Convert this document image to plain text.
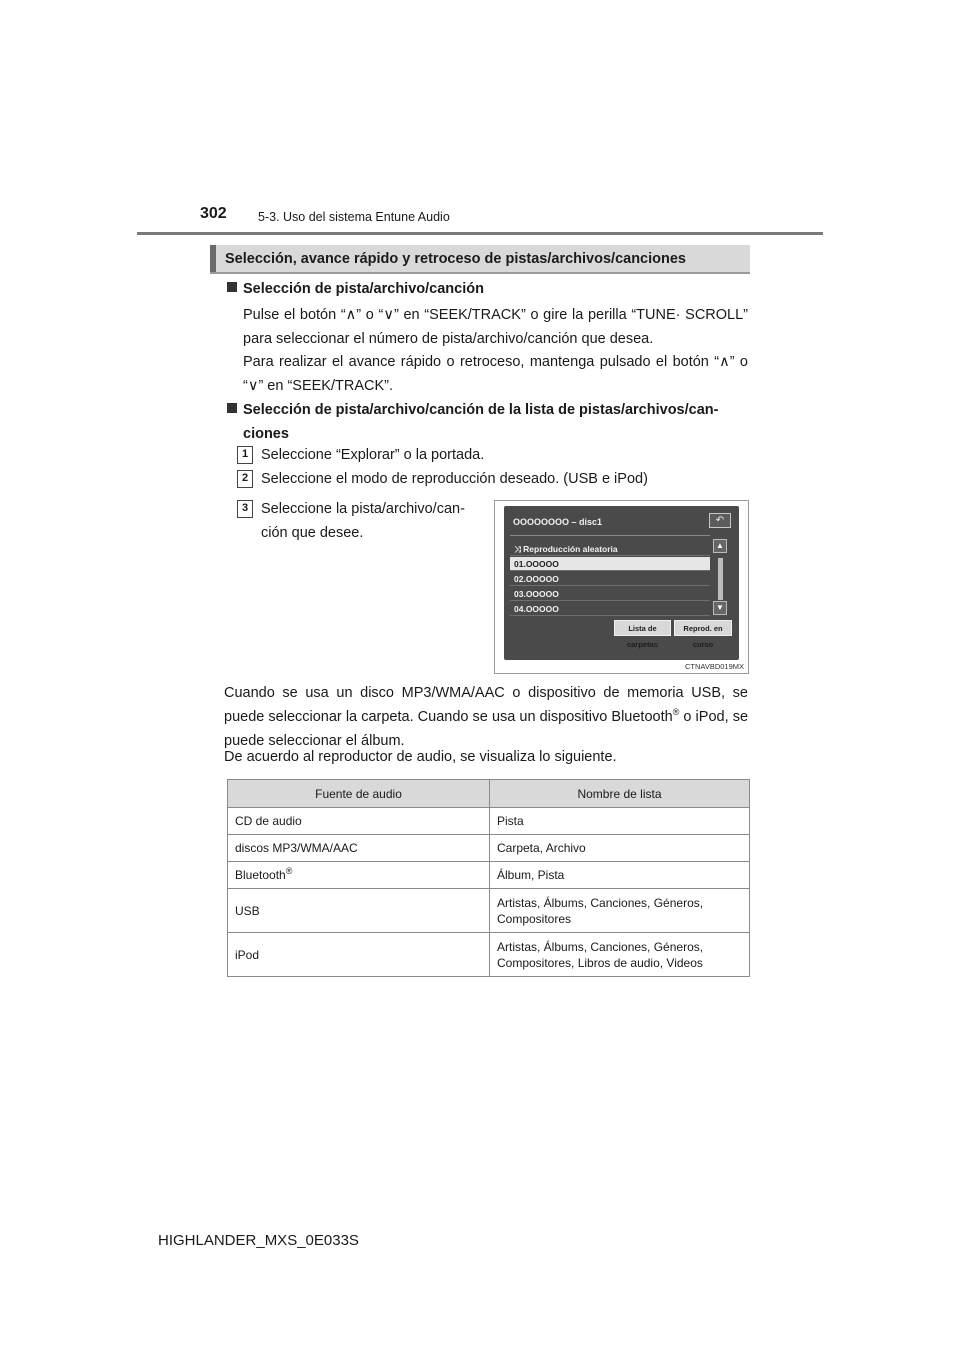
302	5-3. Uso del sistema Entune Audio
Selección, avance rápido y retroceso de pistas/archivos/canciones
Selección de pista/archivo/canción

Pulse el botón “∧” o “∨” en “SEEK/TRACK” o gire la perilla “TUNE· SCROLL” para seleccionar el número de pista/archivo/canción que desea.

Para realizar el avance rápido o retroceso, mantenga pulsado el botón “∧” o “∨” en “SEEK/TRACK”.

Selección de pista/archivo/canción de la lista de pistas/archivos/can-
ciones
1 Seleccione “Explorar” o la portada.
2 Seleccione el modo de reproducción deseado. (USB e iPod)
3 Seleccione la pista/archivo/can-ción que desee.
OOOOOOOO – disc1	↶
⤨ Reproducción aleatoria
01.OOOOO
02.OOOOO
03.OOOOO
04.OOOOO
▲
▼
Lista de carpetas
Reprod. en curso
CTNAVBD019MX

Cuando se usa un disco MP3/WMA/AAC o dispositivo de memoria USB, se puede seleccionar la carpeta. Cuando se usa un dispositivo Bluetooth® o iPod, se puede seleccionar el álbum.

De acuerdo al reproductor de audio, se visualiza lo siguiente.

Fuente de audio	Nombre de lista
CD de audio	Pista
discos MP3/WMA/AAC	Carpeta, Archivo
Bluetooth®	Álbum, Pista
USB	Artistas, Álbums, Canciones, Géneros, Compositores
iPod	Artistas, Álbums, Canciones, Géneros, Compositores, Libros de audio, Videos
HIGHLANDER_MXS_0E033S
